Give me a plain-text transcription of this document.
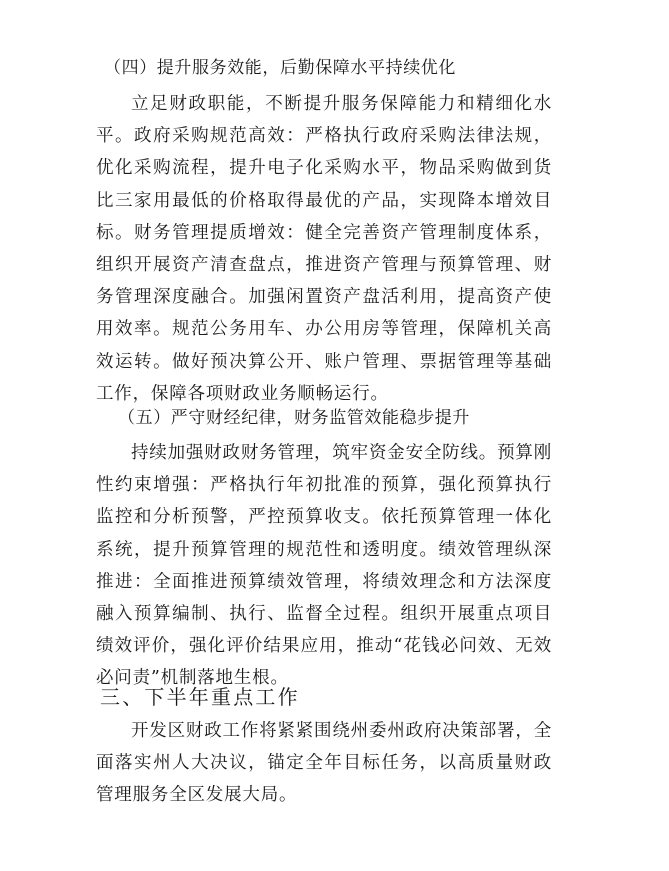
（四）提升服务效能，后勤保障水平持续优化

立足财政职能，不断提升服务保障能力和精细化水平。政府采购规范高效：严格执行政府采购法律法规，优化采购流程，提升电子化采购水平，物品采购做到货比三家用最低的价格取得最优的产品，实现降本增效目标。财务管理提质增效：健全完善资产管理制度体系，组织开展资产清查盘点，推进资产管理与预算管理、财务管理深度融合。加强闲置资产盘活利用，提高资产使用效率。规范公务用车、办公用房等管理，保障机关高效运转。做好预决算公开、账户管理、票据管理等基础工作，保障各项财政业务顺畅运行。

（五）严守财经纪律，财务监管效能稳步提升

持续加强财政财务管理，筑牢资金安全防线。预算刚性约束增强：严格执行年初批准的预算，强化预算执行监控和分析预警，严控预算收支。依托预算管理一体化系统，提升预算管理的规范性和透明度。绩效管理纵深推进：全面推进预算绩效管理，将绩效理念和方法深度融入预算编制、执行、监督全过程。组织开展重点项目绩效评价，强化评价结果应用，推动“花钱必问效、无效必问责”机制落地生根。

三、下半年重点工作

开发区财政工作将紧紧围绕州委州政府决策部署，全面落实州人大决议，锚定全年目标任务，以高质量财政管理服务全区发展大局。
